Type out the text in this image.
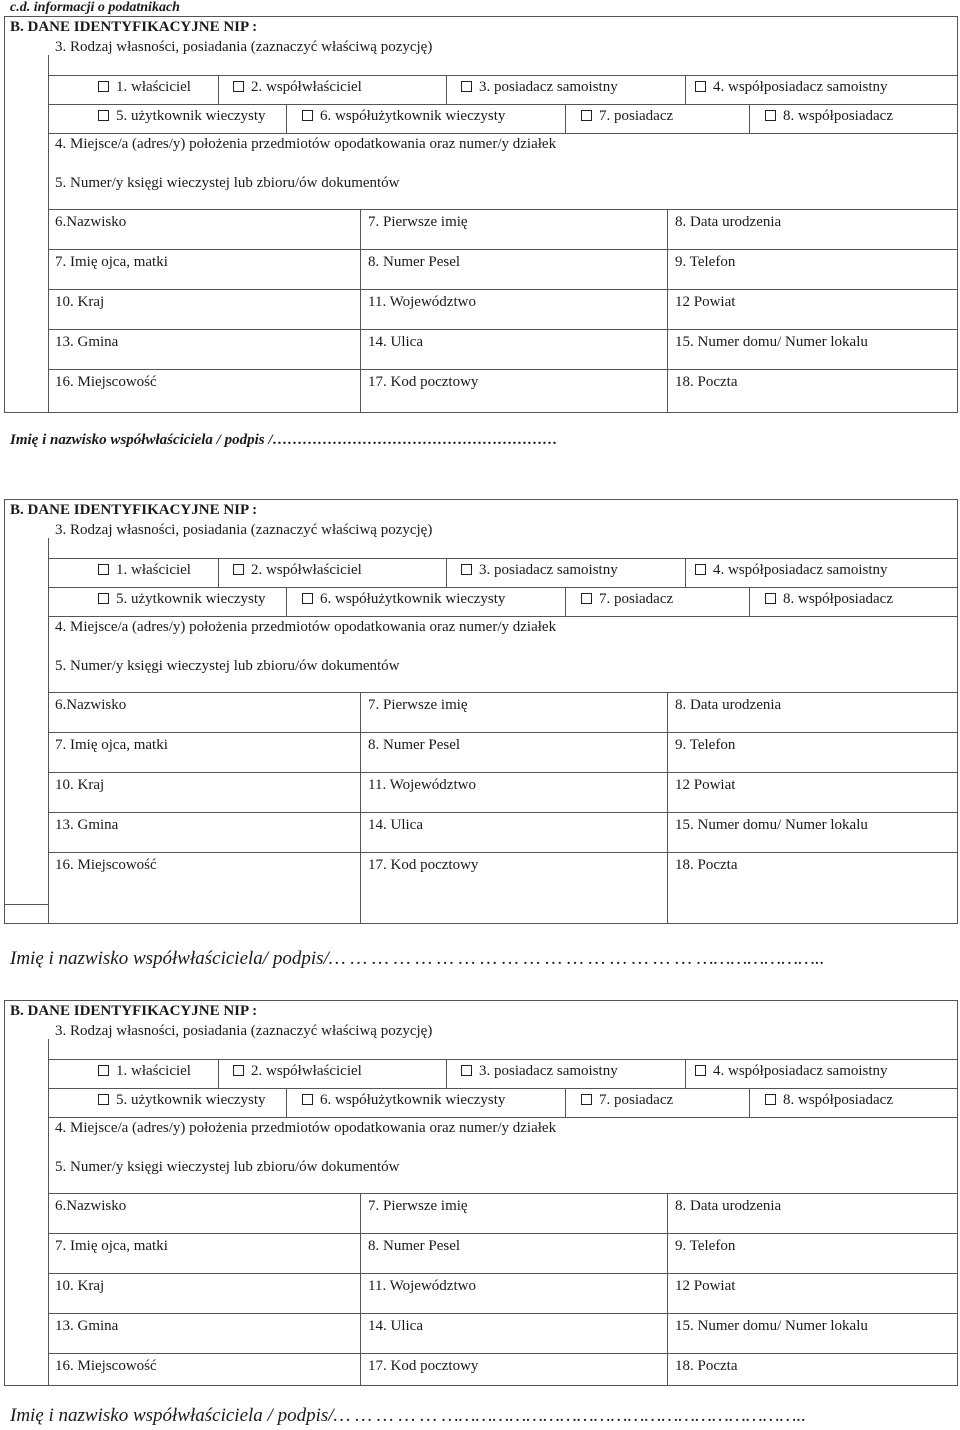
c.d. informacji o podatnikach
B. DANE IDENTYFIKACYJNE NIP :
3. Rodzaj własności, posiadania (zaznaczyć właściwą pozycję)
1. właściciel	2. współwłaściciel	3. posiadacz samoistny	4. współposiadacz samoistny
5. użytkownik wieczysty	6. współużytkownik wieczysty	7. posiadacz	8. współposiadacz
4. Miejsce/a (adres/y) położenia przedmiotów opodatkowania oraz numer/y działek
5. Numer/y księgi wieczystej lub zbioru/ów dokumentów
6.Nazwisko	7. Pierwsze imię	8. Data urodzenia
7. Imię ojca, matki	8. Numer Pesel	9. Telefon
10. Kraj	11. Województwo	12 Powiat
13. Gmina	14. Ulica	15. Numer domu/ Numer lokalu
16. Miejscowość	17. Kod pocztowy	18. Poczta
Imię i nazwisko współwłaściciela / podpis /…………………………………………………
B. DANE IDENTYFIKACYJNE NIP :
3. Rodzaj własności, posiadania (zaznaczyć właściwą pozycję)
1. właściciel	2. współwłaściciel	3. posiadacz samoistny	4. współposiadacz samoistny
5. użytkownik wieczysty	6. współużytkownik wieczysty	7. posiadacz	8. współposiadacz
4. Miejsce/a (adres/y) położenia przedmiotów opodatkowania oraz numer/y działek
5. Numer/y księgi wieczystej lub zbioru/ów dokumentów
6.Nazwisko	7. Pierwsze imię	8. Data urodzenia
7. Imię ojca, matki	8. Numer Pesel	9. Telefon
10. Kraj	11. Województwo	12 Powiat
13. Gmina	14. Ulica	15. Numer domu/ Numer lokalu
16. Miejscowość	17. Kod pocztowy	18. Poczta
Imię i nazwisko współwłaściciela/ podpis/… … … … … … … … … … … … … … … … … …………………..
B. DANE IDENTYFIKACYJNE NIP :
3. Rodzaj własności, posiadania (zaznaczyć właściwą pozycję)
1. właściciel	2. współwłaściciel	3. posiadacz samoistny	4. współposiadacz samoistny
5. użytkownik wieczysty	6. współużytkownik wieczysty	7. posiadacz	8. współposiadacz
4. Miejsce/a (adres/y) położenia przedmiotów opodatkowania oraz numer/y działek
5. Numer/y księgi wieczystej lub zbioru/ów dokumentów
6.Nazwisko	7. Pierwsze imię	8. Data urodzenia
7. Imię ojca, matki	8. Numer Pesel	9. Telefon
10. Kraj	11. Województwo	12 Powiat
13. Gmina	14. Ulica	15. Numer domu/ Numer lokalu
16. Miejscowość	17. Kod pocztowy	18. Poczta
Imię i nazwisko współwłaściciela / podpis/… … … … … ………………………………………………………..
